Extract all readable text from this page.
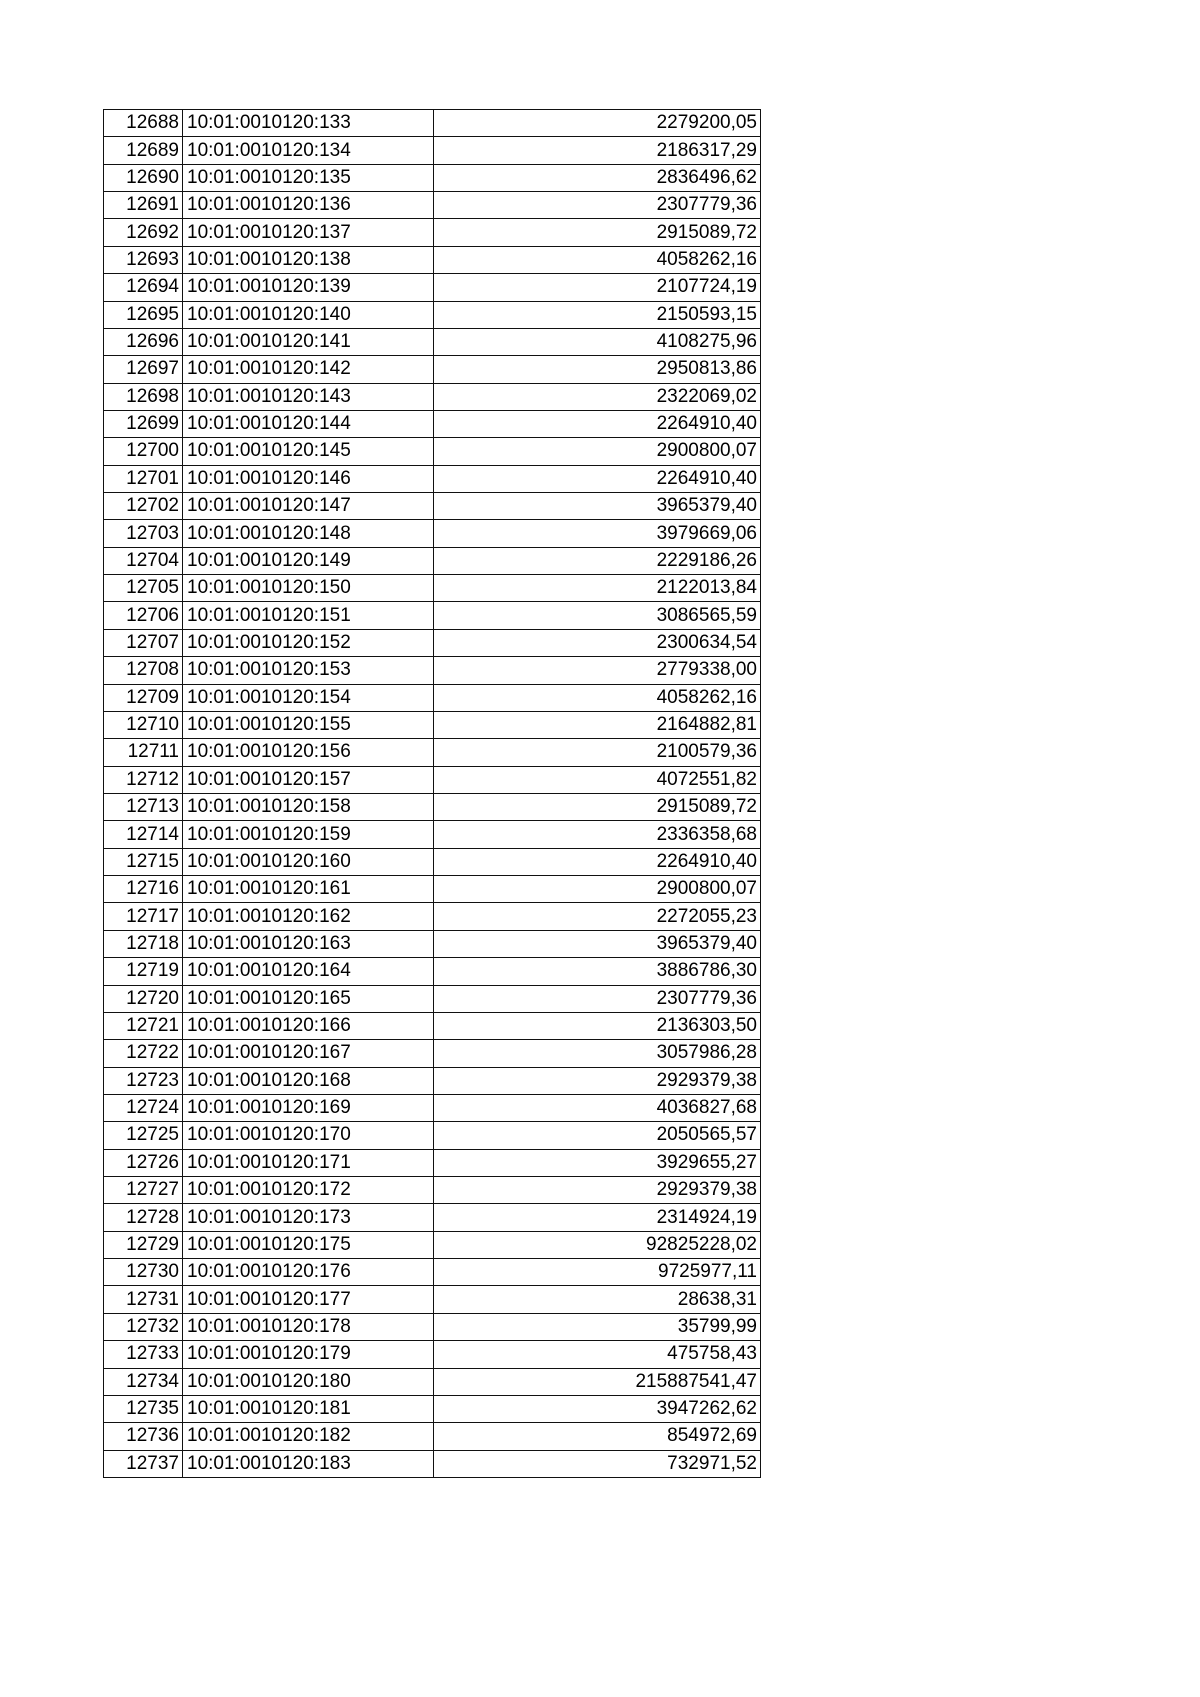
12688	10:01:0010120:133	2279200,05
12689	10:01:0010120:134	2186317,29
12690	10:01:0010120:135	2836496,62
12691	10:01:0010120:136	2307779,36
12692	10:01:0010120:137	2915089,72
12693	10:01:0010120:138	4058262,16
12694	10:01:0010120:139	2107724,19
12695	10:01:0010120:140	2150593,15
12696	10:01:0010120:141	4108275,96
12697	10:01:0010120:142	2950813,86
12698	10:01:0010120:143	2322069,02
12699	10:01:0010120:144	2264910,40
12700	10:01:0010120:145	2900800,07
12701	10:01:0010120:146	2264910,40
12702	10:01:0010120:147	3965379,40
12703	10:01:0010120:148	3979669,06
12704	10:01:0010120:149	2229186,26
12705	10:01:0010120:150	2122013,84
12706	10:01:0010120:151	3086565,59
12707	10:01:0010120:152	2300634,54
12708	10:01:0010120:153	2779338,00
12709	10:01:0010120:154	4058262,16
12710	10:01:0010120:155	2164882,81
12711	10:01:0010120:156	2100579,36
12712	10:01:0010120:157	4072551,82
12713	10:01:0010120:158	2915089,72
12714	10:01:0010120:159	2336358,68
12715	10:01:0010120:160	2264910,40
12716	10:01:0010120:161	2900800,07
12717	10:01:0010120:162	2272055,23
12718	10:01:0010120:163	3965379,40
12719	10:01:0010120:164	3886786,30
12720	10:01:0010120:165	2307779,36
12721	10:01:0010120:166	2136303,50
12722	10:01:0010120:167	3057986,28
12723	10:01:0010120:168	2929379,38
12724	10:01:0010120:169	4036827,68
12725	10:01:0010120:170	2050565,57
12726	10:01:0010120:171	3929655,27
12727	10:01:0010120:172	2929379,38
12728	10:01:0010120:173	2314924,19
12729	10:01:0010120:175	92825228,02
12730	10:01:0010120:176	9725977,11
12731	10:01:0010120:177	28638,31
12732	10:01:0010120:178	35799,99
12733	10:01:0010120:179	475758,43
12734	10:01:0010120:180	215887541,47
12735	10:01:0010120:181	3947262,62
12736	10:01:0010120:182	854972,69
12737	10:01:0010120:183	732971,52
